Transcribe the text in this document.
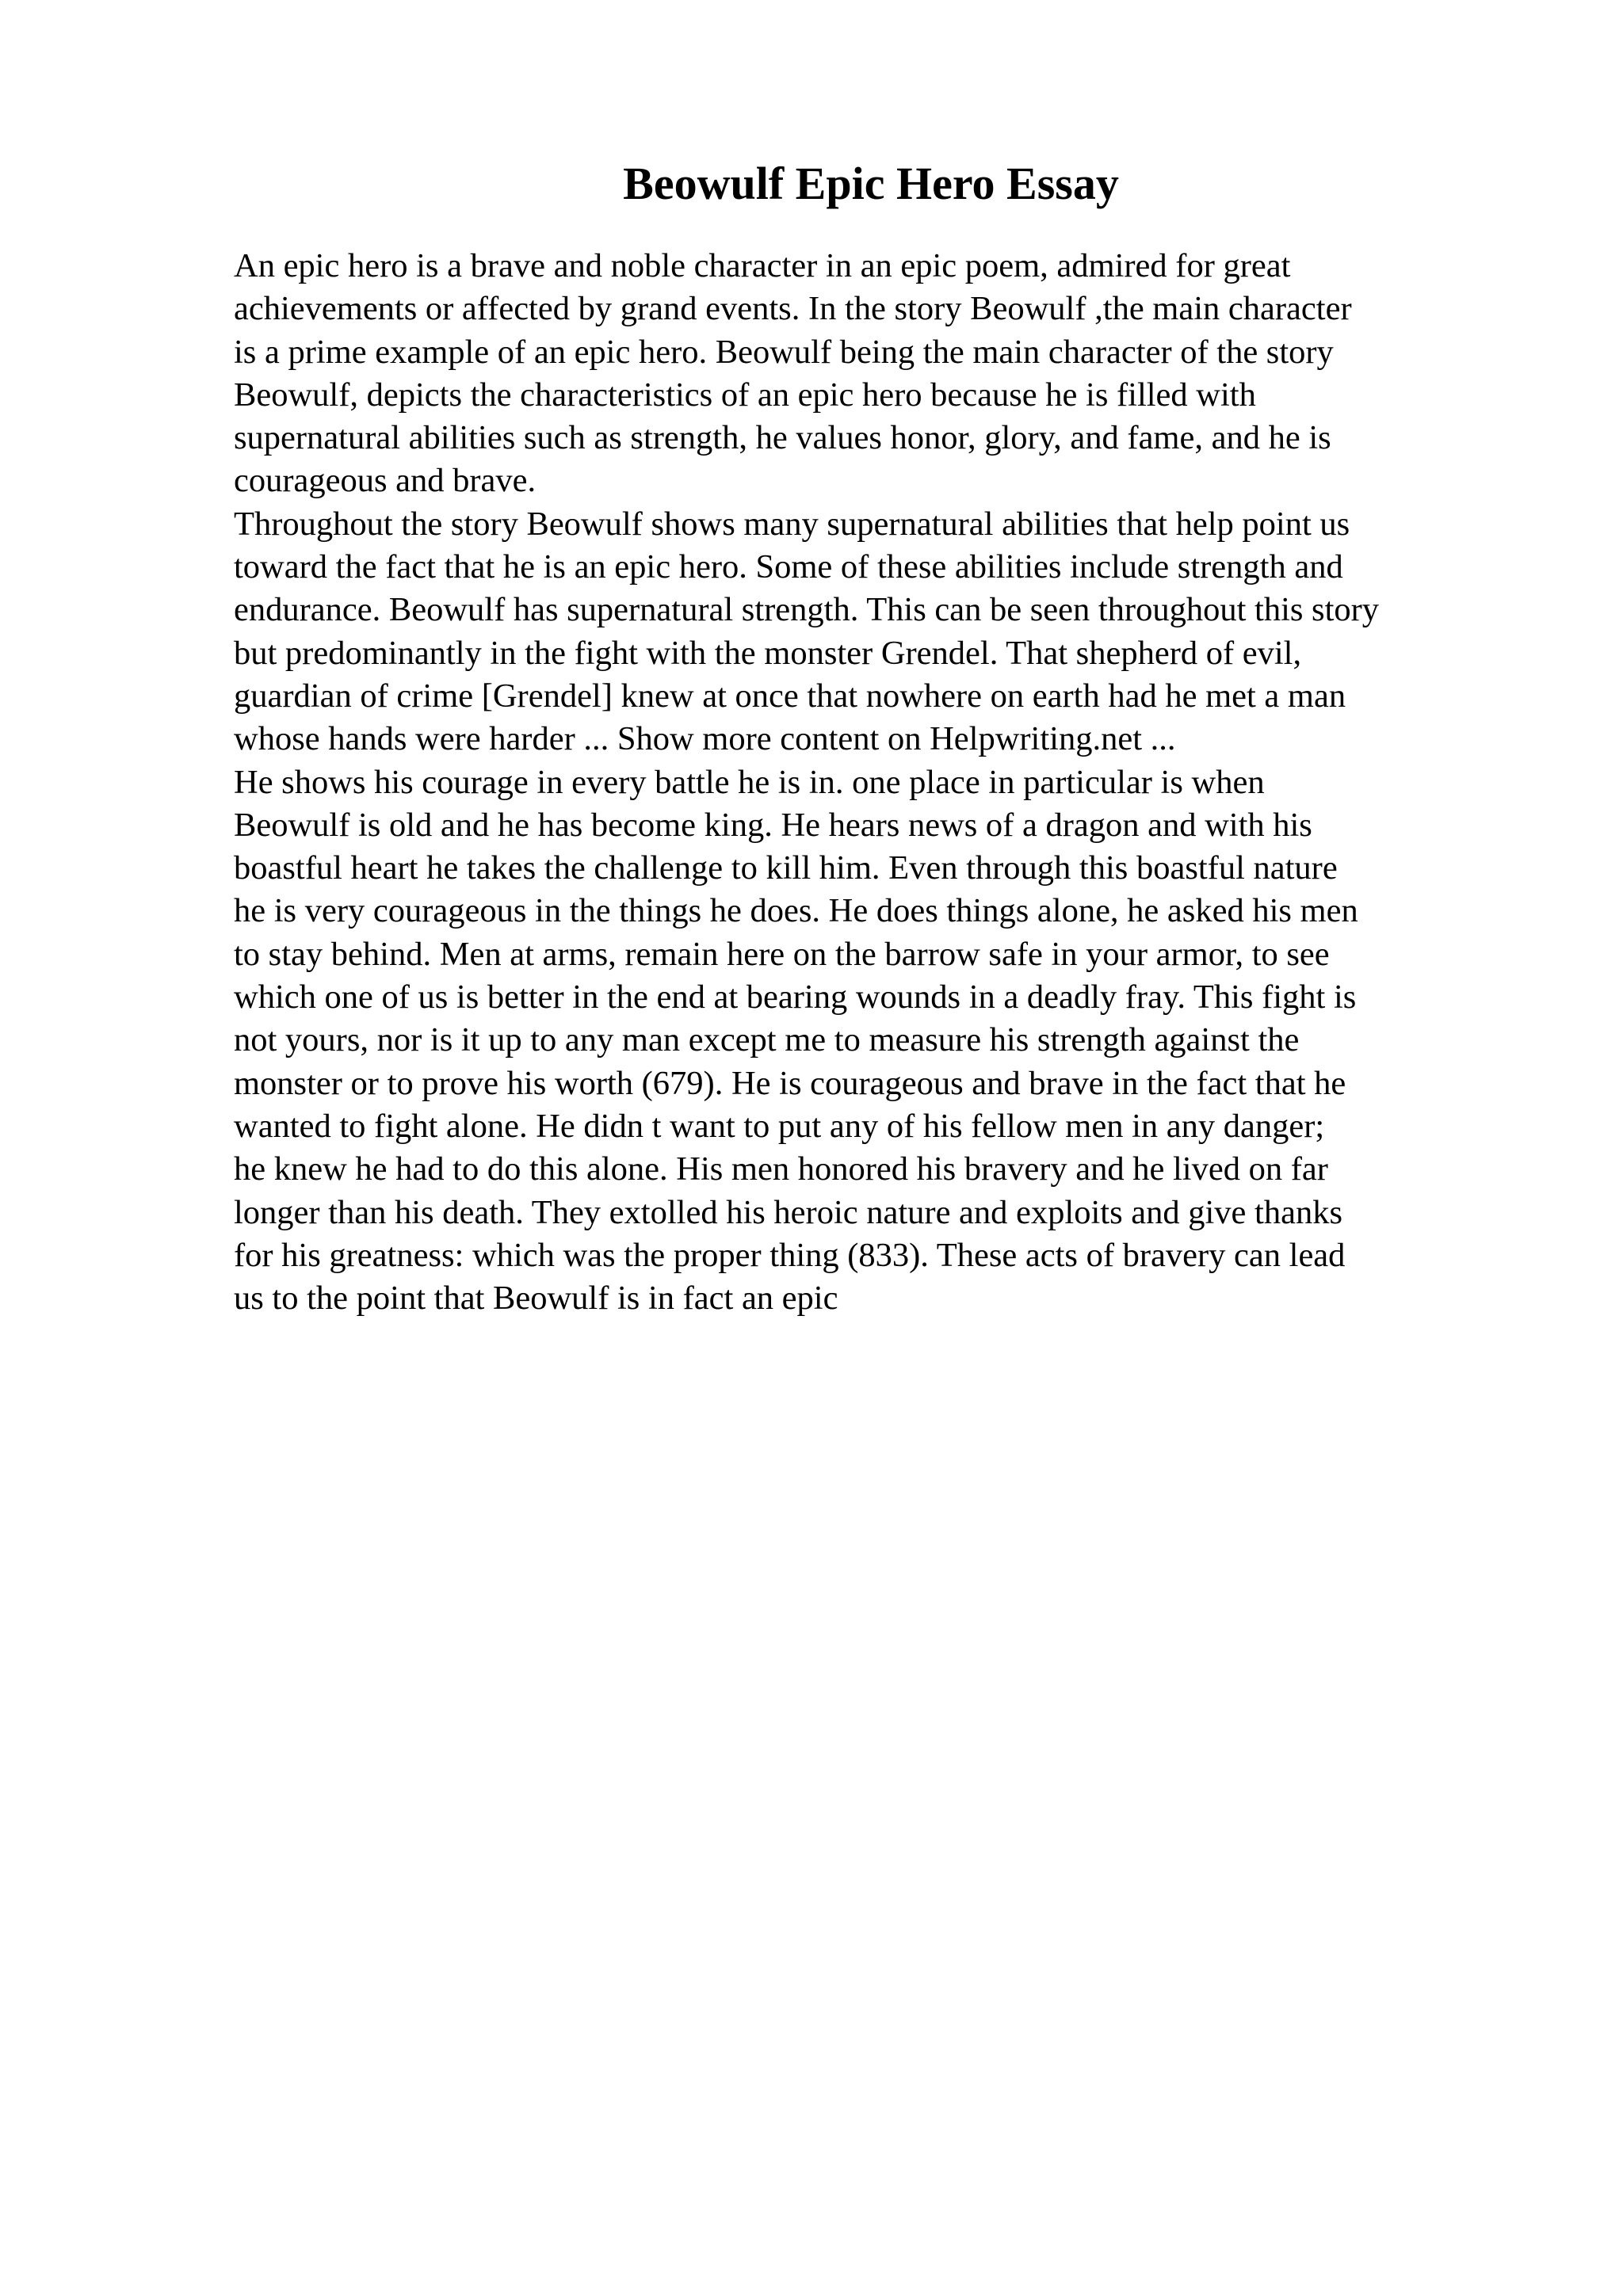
Beowulf Epic Hero Essay
An epic hero is a brave and noble character in an epic poem, admired for great
achievements or affected by grand events. In the story Beowulf ,the main character
is a prime example of an epic hero. Beowulf being the main character of the story
Beowulf, depicts the characteristics of an epic hero because he is filled with
supernatural abilities such as strength, he values honor, glory, and fame, and he is
courageous and brave.
Throughout the story Beowulf shows many supernatural abilities that help point us
toward the fact that he is an epic hero. Some of these abilities include strength and
endurance. Beowulf has supernatural strength. This can be seen throughout this story
but predominantly in the fight with the monster Grendel. That shepherd of evil,
guardian of crime [Grendel] knew at once that nowhere on earth had he met a man
whose hands were harder ... Show more content on Helpwriting.net ...
He shows his courage in every battle he is in. one place in particular is when
Beowulf is old and he has become king. He hears news of a dragon and with his
boastful heart he takes the challenge to kill him. Even through this boastful nature
he is very courageous in the things he does. He does things alone, he asked his men
to stay behind. Men at arms, remain here on the barrow safe in your armor, to see
which one of us is better in the end at bearing wounds in a deadly fray. This fight is
not yours, nor is it up to any man except me to measure his strength against the
monster or to prove his worth (679). He is courageous and brave in the fact that he
wanted to fight alone. He didn t want to put any of his fellow men in any danger;
he knew he had to do this alone. His men honored his bravery and he lived on far
longer than his death. They extolled his heroic nature and exploits and give thanks
for his greatness: which was the proper thing (833). These acts of bravery can lead
us to the point that Beowulf is in fact an epic
